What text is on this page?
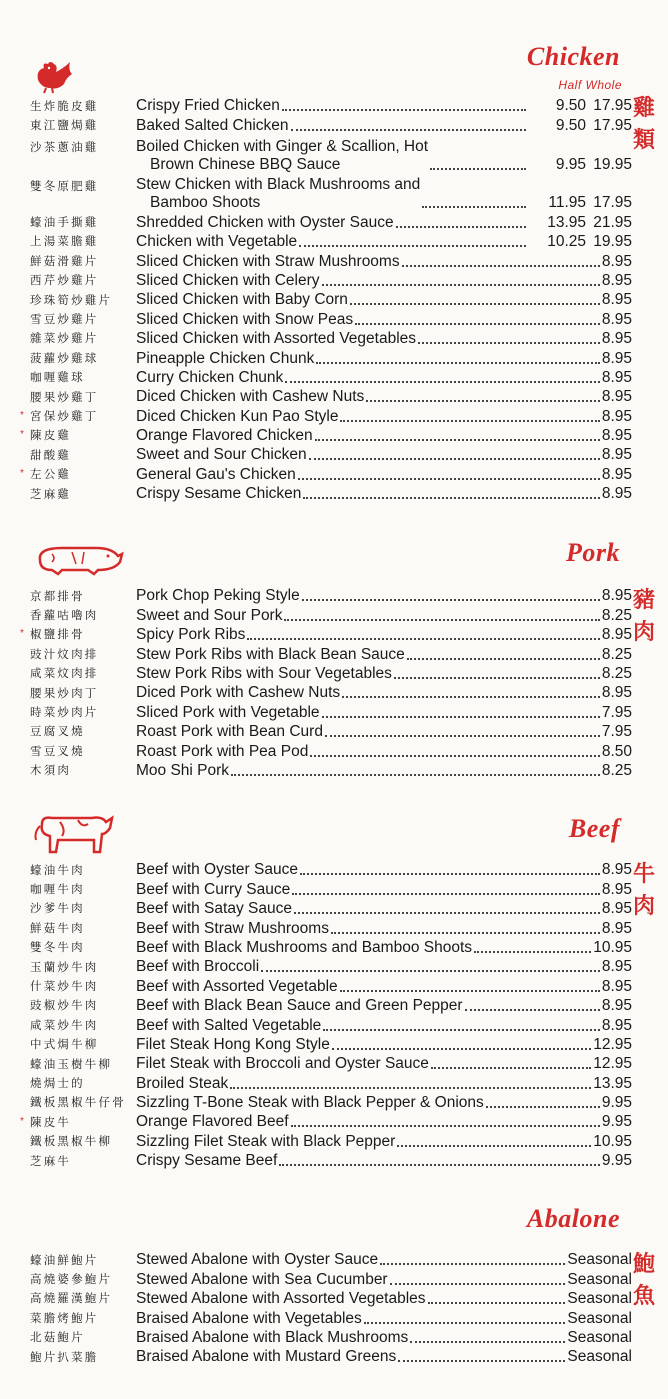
Chicken
Half Whole
雞
類
生炸脆皮雞	Crispy Fried Chicken	9.50 17.95
東江鹽焗雞	Baked Salted Chicken	9.50 17.95
沙茶蔥油雞	Boiled Chicken with Ginger & Scallion, Hot
Brown Chinese BBQ Sauce	9.95 19.95
雙冬原肥雞	Stew Chicken with Black Mushrooms and
Bamboo Shoots	11.95 17.95
蠔油手撕雞	Shredded Chicken with Oyster Sauce	13.95 21.95
上湯菜膽雞	Chicken with Vegetable	10.25 19.95
鮮菇滑雞片	Sliced Chicken with Straw Mushrooms	8.95
西芹炒雞片	Sliced Chicken with Celery	8.95
珍珠筍炒雞片	Sliced Chicken with Baby Corn	8.95
雪豆炒雞片	Sliced Chicken with Snow Peas	8.95
雜菜炒雞片	Sliced Chicken with Assorted Vegetables	8.95
菠蘿炒雞球	Pineapple Chicken Chunk	8.95
咖喱雞球	Curry Chicken Chunk	8.95
腰果炒雞丁	Diced Chicken with Cashew Nuts	8.95
* 宮保炒雞丁	Diced Chicken Kun Pao Style	8.95
* 陳皮雞	Orange Flavored Chicken	8.95
甜酸雞	Sweet and Sour Chicken	8.95
* 左公雞	General Gau's Chicken	8.95
芝麻雞	Crispy Sesame Chicken	8.95
Pork
豬
肉
京都排骨	Pork Chop Peking Style	8.95
香蘿咕嚕肉	Sweet and Sour Pork	8.25
* 椒鹽排骨	Spicy Pork Ribs	8.95
豉汁炆肉排	Stew Pork Ribs with Black Bean Sauce	8.25
咸菜炆肉排	Stew Pork Ribs with Sour Vegetables	8.25
腰果炒肉丁	Diced Pork with Cashew Nuts	8.95
時菜炒肉片	Sliced Pork with Vegetable	7.95
豆腐叉燒	Roast Pork with Bean Curd	7.95
雪豆叉燒	Roast Pork with Pea Pod	8.50
木須肉	Moo Shi Pork	8.25
Beef
牛
肉
蠔油牛肉	Beef with Oyster Sauce	8.95
咖喱牛肉	Beef with Curry Sauce	8.95
沙爹牛肉	Beef with Satay Sauce	8.95
鮮菇牛肉	Beef with Straw Mushrooms	8.95
雙冬牛肉	Beef with Black Mushrooms and Bamboo Shoots	10.95
玉蘭炒牛肉	Beef with Broccoli	8.95
什菜炒牛肉	Beef with Assorted Vegetable	8.95
豉椒炒牛肉	Beef with Black Bean Sauce and Green Pepper	8.95
咸菜炒牛肉	Beef with Salted Vegetable	8.95
中式焗牛柳	Filet Steak Hong Kong Style	12.95
蠔油玉樹牛柳	Filet Steak with Broccoli and Oyster Sauce	12.95
燒焗士的	Broiled Steak	13.95
鐵板黑椒牛仔骨 Sizzling T-Bone Steak with Black Pepper & Onions	9.95
* 陳皮牛	Orange Flavored Beef	9.95
鐵板黑椒牛柳	Sizzling Filet Steak with Black Pepper	10.95
芝麻牛	Crispy Sesame Beef	9.95
Abalone
鮑
魚
蠔油鮮鮑片	Stewed Abalone with Oyster Sauce	Seasonal
高燒婆參鮑片	Stewed Abalone with Sea Cucumber	Seasonal
高燒羅漢鮑片	Stewed Abalone with Assorted Vegetables	Seasonal
菜膽烤鮑片	Braised Abalone with Vegetables	Seasonal
北菇鮑片	Braised Abalone with Black Mushrooms	Seasonal
鮑片扒菜膽	Braised Abalone with Mustard Greens	Seasonal
